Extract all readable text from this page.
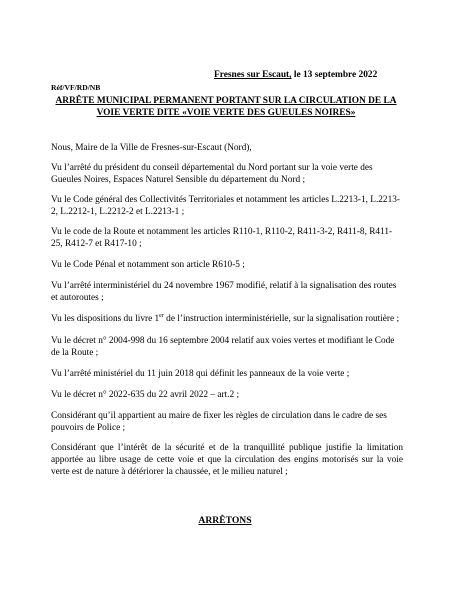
Fresnes sur Escaut, le 13 septembre 2022
Réf/VF/RD/NB
ARRÊTE MUNICIPAL PERMANENT PORTANT SUR LA CIRCULATION DE LA
VOIE VERTE DITE «VOIE VERTE DES GUEULES NOIRES»

Nous, Maire de la Ville de Fresnes-sur-Escaut (Nord),

Vu l’arrêté du président du conseil départemental du Nord portant sur la voie verte des Gueules Noires, Espaces Naturel Sensible du département du Nord ;

Vu le Code général des Collectivités Territoriales et notamment les articles L.2213-1, L.2213-2, L.2212-1, L.2212-2 et L.2213-1 ;

Vu le code de la Route et notamment les articles R110-1, R110-2, R411-3-2, R411-8, R411-25, R412-7 et R417-10 ;

Vu le Code Pénal et notamment son article R610-5 ;

Vu l’arrêté interministériel du 24 novembre 1967 modifié, relatif à la signalisation des routes et autoroutes ;

Vu les dispositions du livre 1er de l’instruction interministérielle, sur la signalisation routière ;

Vu le décret n° 2004-998 du 16 septembre 2004 relatif aux voies vertes et modifiant le Code de la Route ;

Vu l’arrêté ministériel du 11 juin 2018 qui définit les panneaux de la voie verte ;

Vu le décret n° 2022-635 du 22 avril 2022 – art.2 ;

Considérant qu’il appartient au maire de fixer les règles de circulation dans le cadre de ses pouvoirs de Police ;

Considérant que l’intérêt de la sécurité et de la tranquillité publique justifie la limitation apportée au libre usage de cette voie et que la circulation des engins motorisés sur la voie verte est de nature à détériorer la chaussée, et le milieu naturel ;

ARRÊTONS
